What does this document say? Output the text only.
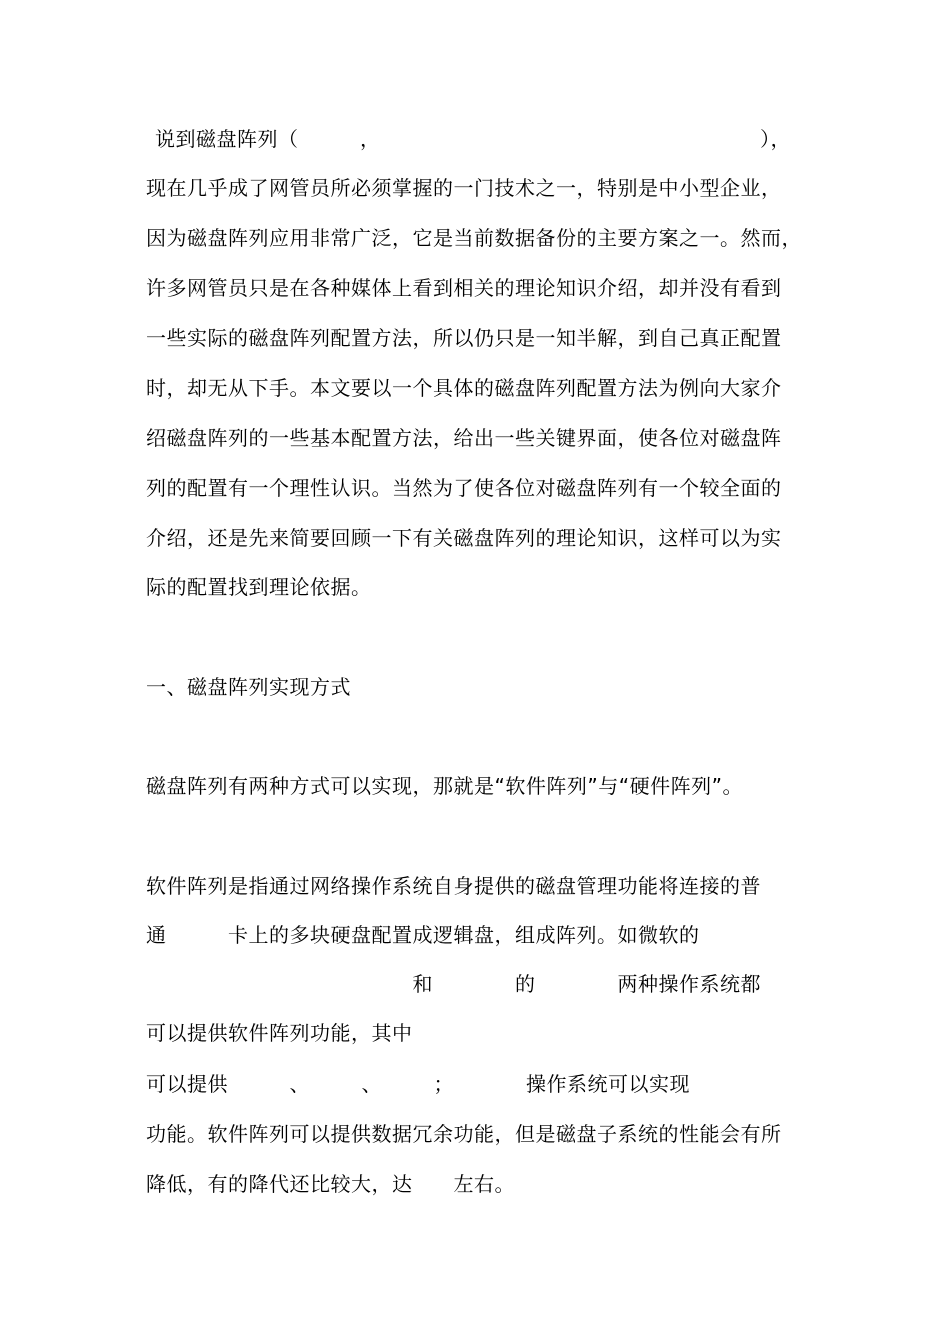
说到磁盘阵列（　　　，　　　　　　　　　　　　　　　　　　　），
现在几乎成了网管员所必须掌握的一门技术之一，特别是中小型企业，
因为磁盘阵列应用非常广泛，它是当前数据备份的主要方案之一。然而，
许多网管员只是在各种媒体上看到相关的理论知识介绍，却并没有看到
一些实际的磁盘阵列配置方法，所以仍只是一知半解，到自己真正配置
时，却无从下手。本文要以一个具体的磁盘阵列配置方法为例向大家介
绍磁盘阵列的一些基本配置方法，给出一些关键界面，使各位对磁盘阵
列的配置有一个理性认识。当然为了使各位对磁盘阵列有一个较全面的
介绍，还是先来简要回顾一下有关磁盘阵列的理论知识，这样可以为实
际的配置找到理论依据。
一、磁盘阵列实现方式
磁盘阵列有两种方式可以实现，那就是“软件阵列”与“硬件阵列”。
软件阵列是指通过网络操作系统自身提供的磁盘管理功能将连接的普
通　　　卡上的多块硬盘配置成逻辑盘，组成阵列。如微软的
　　　　　　　　　　　　　和　　　　的　　　　两种操作系统都
可以提供软件阵列功能，其中
可以提供　　　、　　　、　　　；　　　　操作系统可以实现
功能。软件阵列可以提供数据冗余功能，但是磁盘子系统的性能会有所
降低，有的降代还比较大，达　　左右。
